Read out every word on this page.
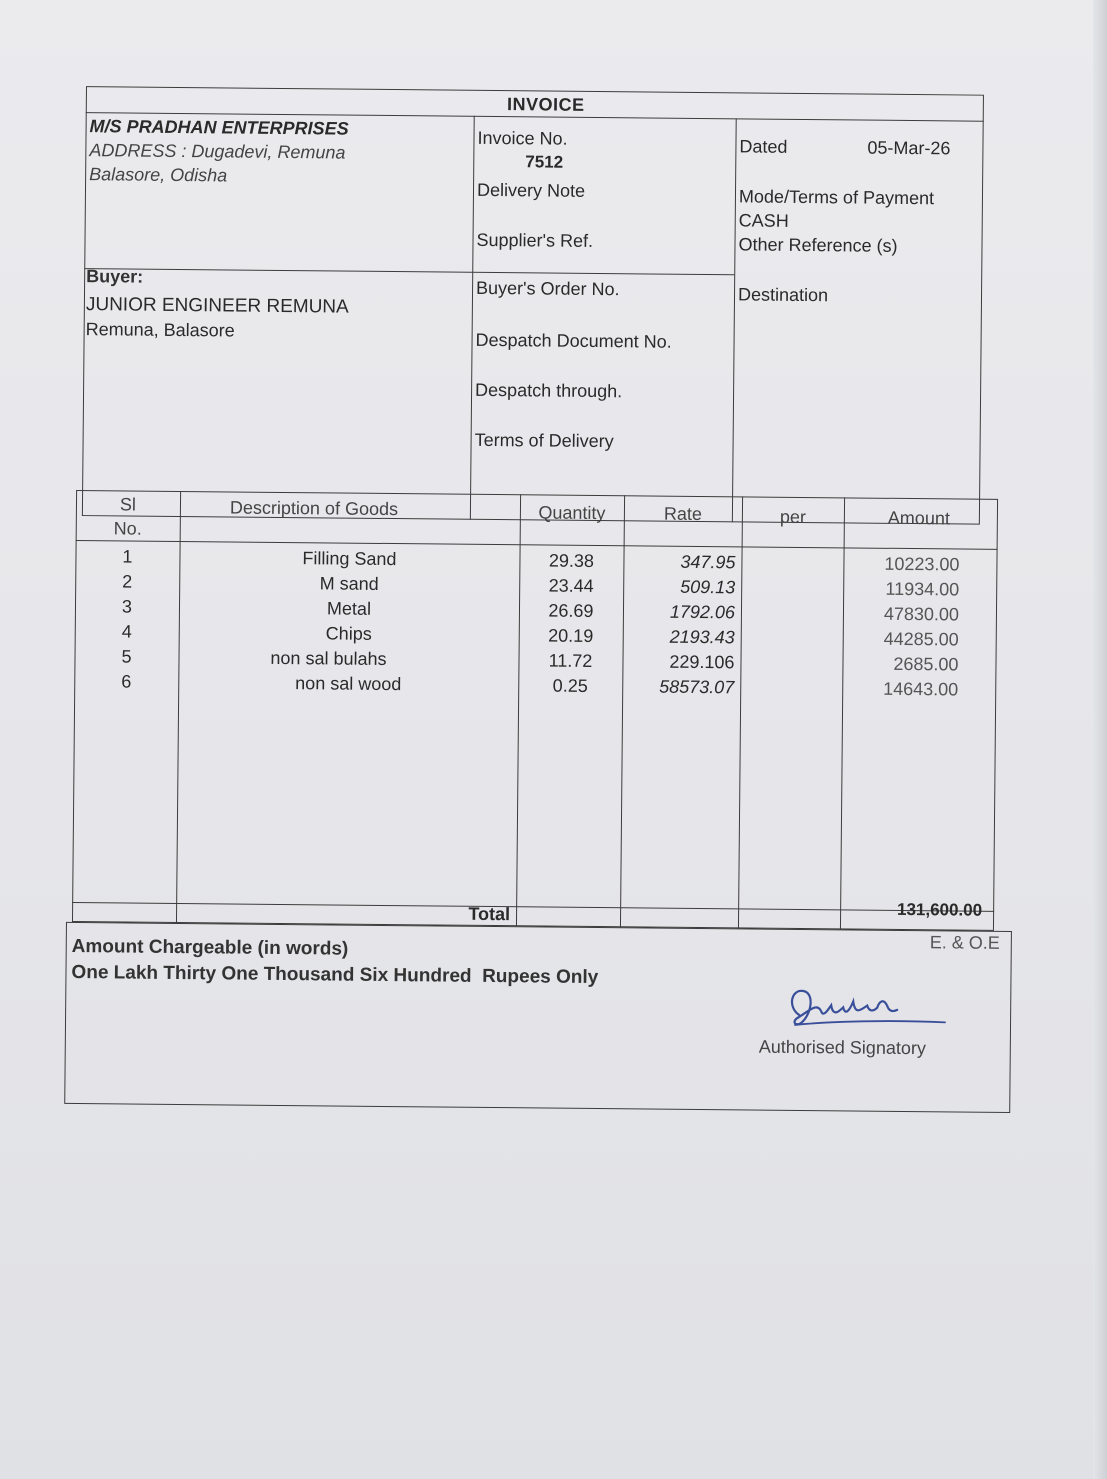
INVOICE
M/S PRADHAN ENTERPRISES
ADDRESS : Dugadevi, Remuna
Balasore, Odisha
Invoice No.
7512
Delivery Note
Supplier's Ref.
Dated	05-Mar-26
Mode/Terms of Payment
CASH
Other Reference (s)
Buyer:
JUNIOR ENGINEER REMUNA
Remuna, Balasore
Buyer's Order No.
Despatch Document No.
Despatch through.
Terms of Delivery
Destination
Sl
No.
Description of Goods	Quantity	Rate	per	Amount
1	Filling Sand	29.38	347.95	10223.00
2	M sand	23.44	509.13	11934.00
3	Metal	26.69	1792.06	47830.00
4	Chips	20.19	2193.43	44285.00
5	non sal bulahs	11.72	229.106	2685.00
6	non sal wood	0.25	58573.07	14643.00
Total	131,600.00
E. & O.E
Amount Chargeable (in words)
One Lakh Thirty One Thousand Six Hundred  Rupees Only
Authorised Signatory
